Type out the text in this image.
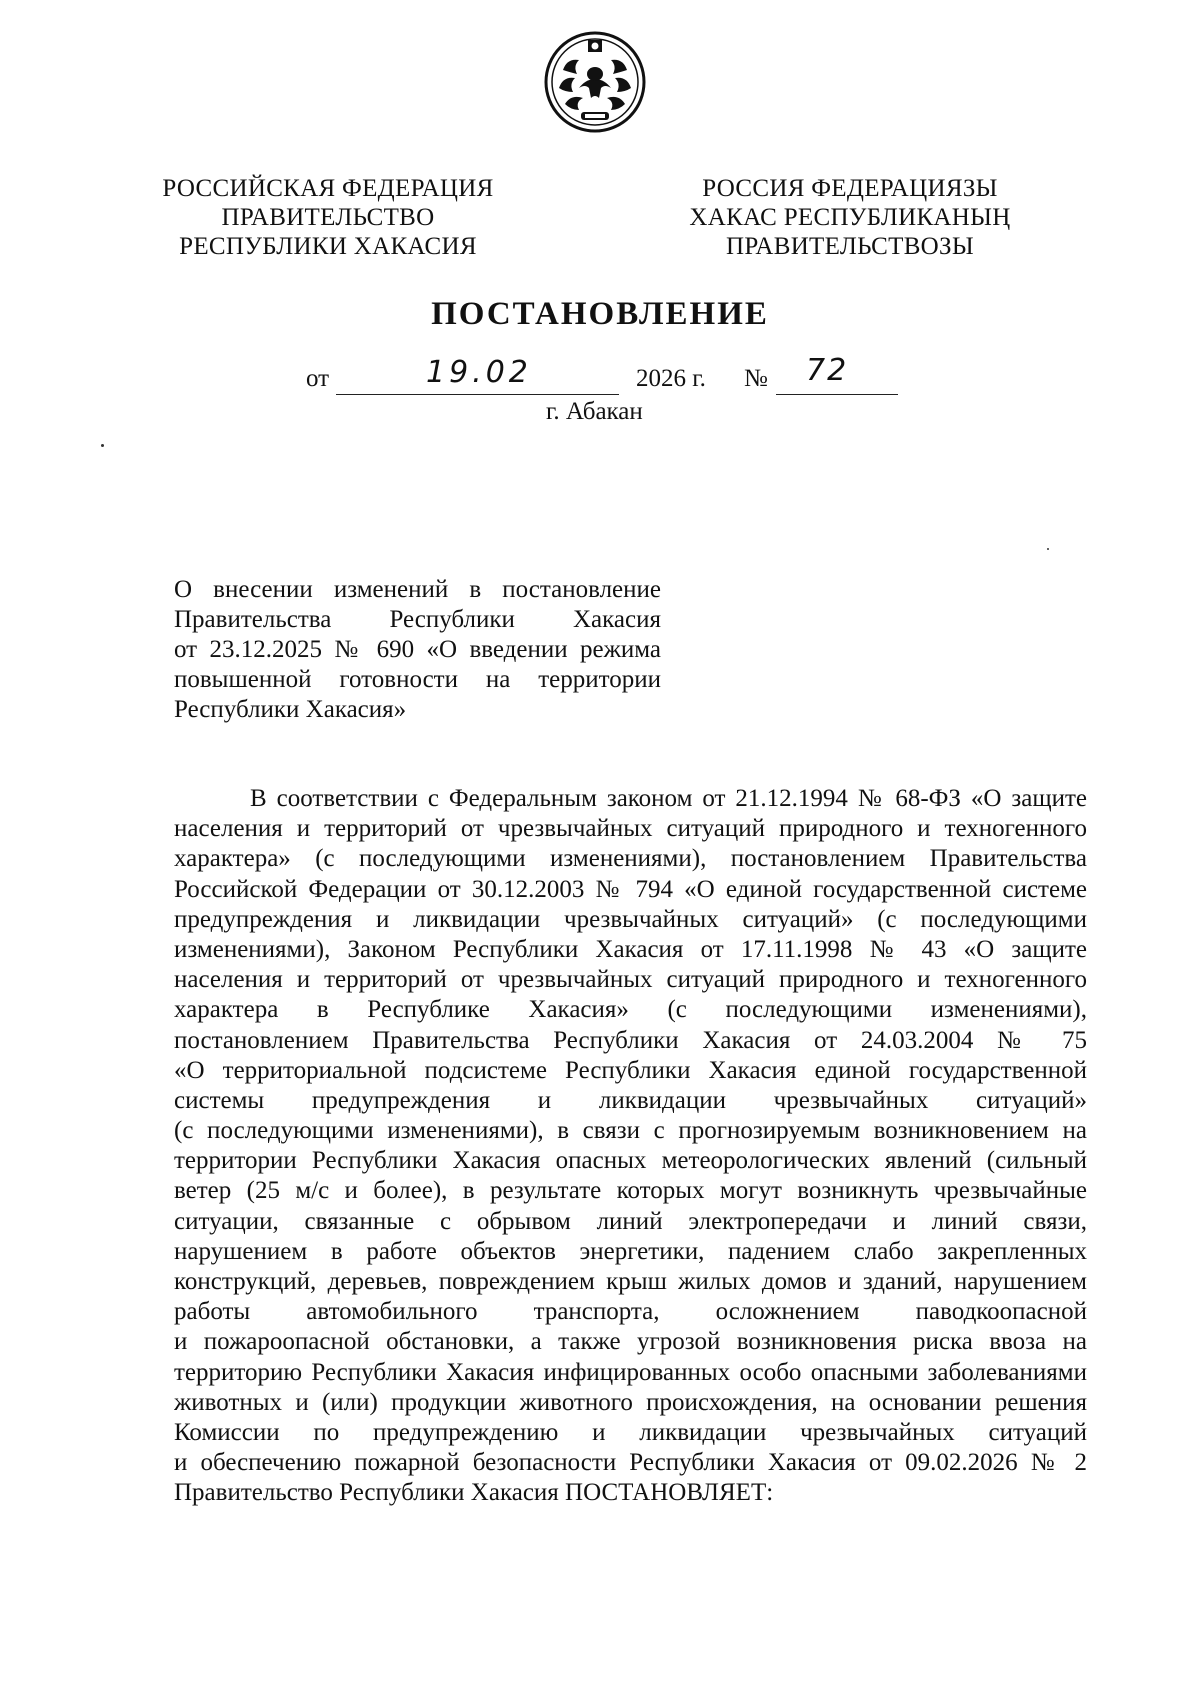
РОССИЙСКАЯ ФЕДЕРАЦИЯ
ПРАВИТЕЛЬСТВО
РЕСПУБЛИКИ ХАКАСИЯ
РОССИЯ ФЕДЕРАЦИЯЗЫ
ХАКАС РЕСПУБЛИКАНЫҢ
ПРАВИТЕЛЬСТВОЗЫ
ПОСТАНОВЛЕНИЕ
от	19.02	2026 г. № 72
г. Абакан
О внесении изменений в постановление
Правительства Республики Хакасия
от 23.12.2025 № 690 «О введении режима
повышенной готовности на территории
Республики Хакасия»
В соответствии с Федеральным законом от 21.12.1994 № 68-ФЗ «О защите
населения и территорий от чрезвычайных ситуаций природного и техногенного
характера» (с последующими изменениями), постановлением Правительства
Российской Федерации от 30.12.2003 № 794 «О единой государственной системе
предупреждения и ликвидации чрезвычайных ситуаций» (с последующими
изменениями), Законом Республики Хакасия от 17.11.1998 № 43 «О защите
населения и территорий от чрезвычайных ситуаций природного и техногенного
характера в Республике Хакасия» (с последующими изменениями),
постановлением Правительства Республики Хакасия от 24.03.2004 № 75
«О территориальной подсистеме Республики Хакасия единой государственной
системы предупреждения и ликвидации чрезвычайных ситуаций»
(с последующими изменениями), в связи с прогнозируемым возникновением на
территории Республики Хакасия опасных метеорологических явлений (сильный
ветер (25 м/с и более), в результате которых могут возникнуть чрезвычайные
ситуации, связанные с обрывом линий электропередачи и линий связи,
нарушением в работе объектов энергетики, падением слабо закрепленных
конструкций, деревьев, повреждением крыш жилых домов и зданий, нарушением
работы автомобильного транспорта, осложнением паводкоопасной
и пожароопасной обстановки, а также угрозой возникновения риска ввоза на
территорию Республики Хакасия инфицированных особо опасными заболеваниями
животных и (или) продукции животного происхождения, на основании решения
Комиссии по предупреждению и ликвидации чрезвычайных ситуаций
и обеспечению пожарной безопасности Республики Хакасия от 09.02.2026 № 2
Правительство Республики Хакасия ПОСТАНОВЛЯЕТ:
